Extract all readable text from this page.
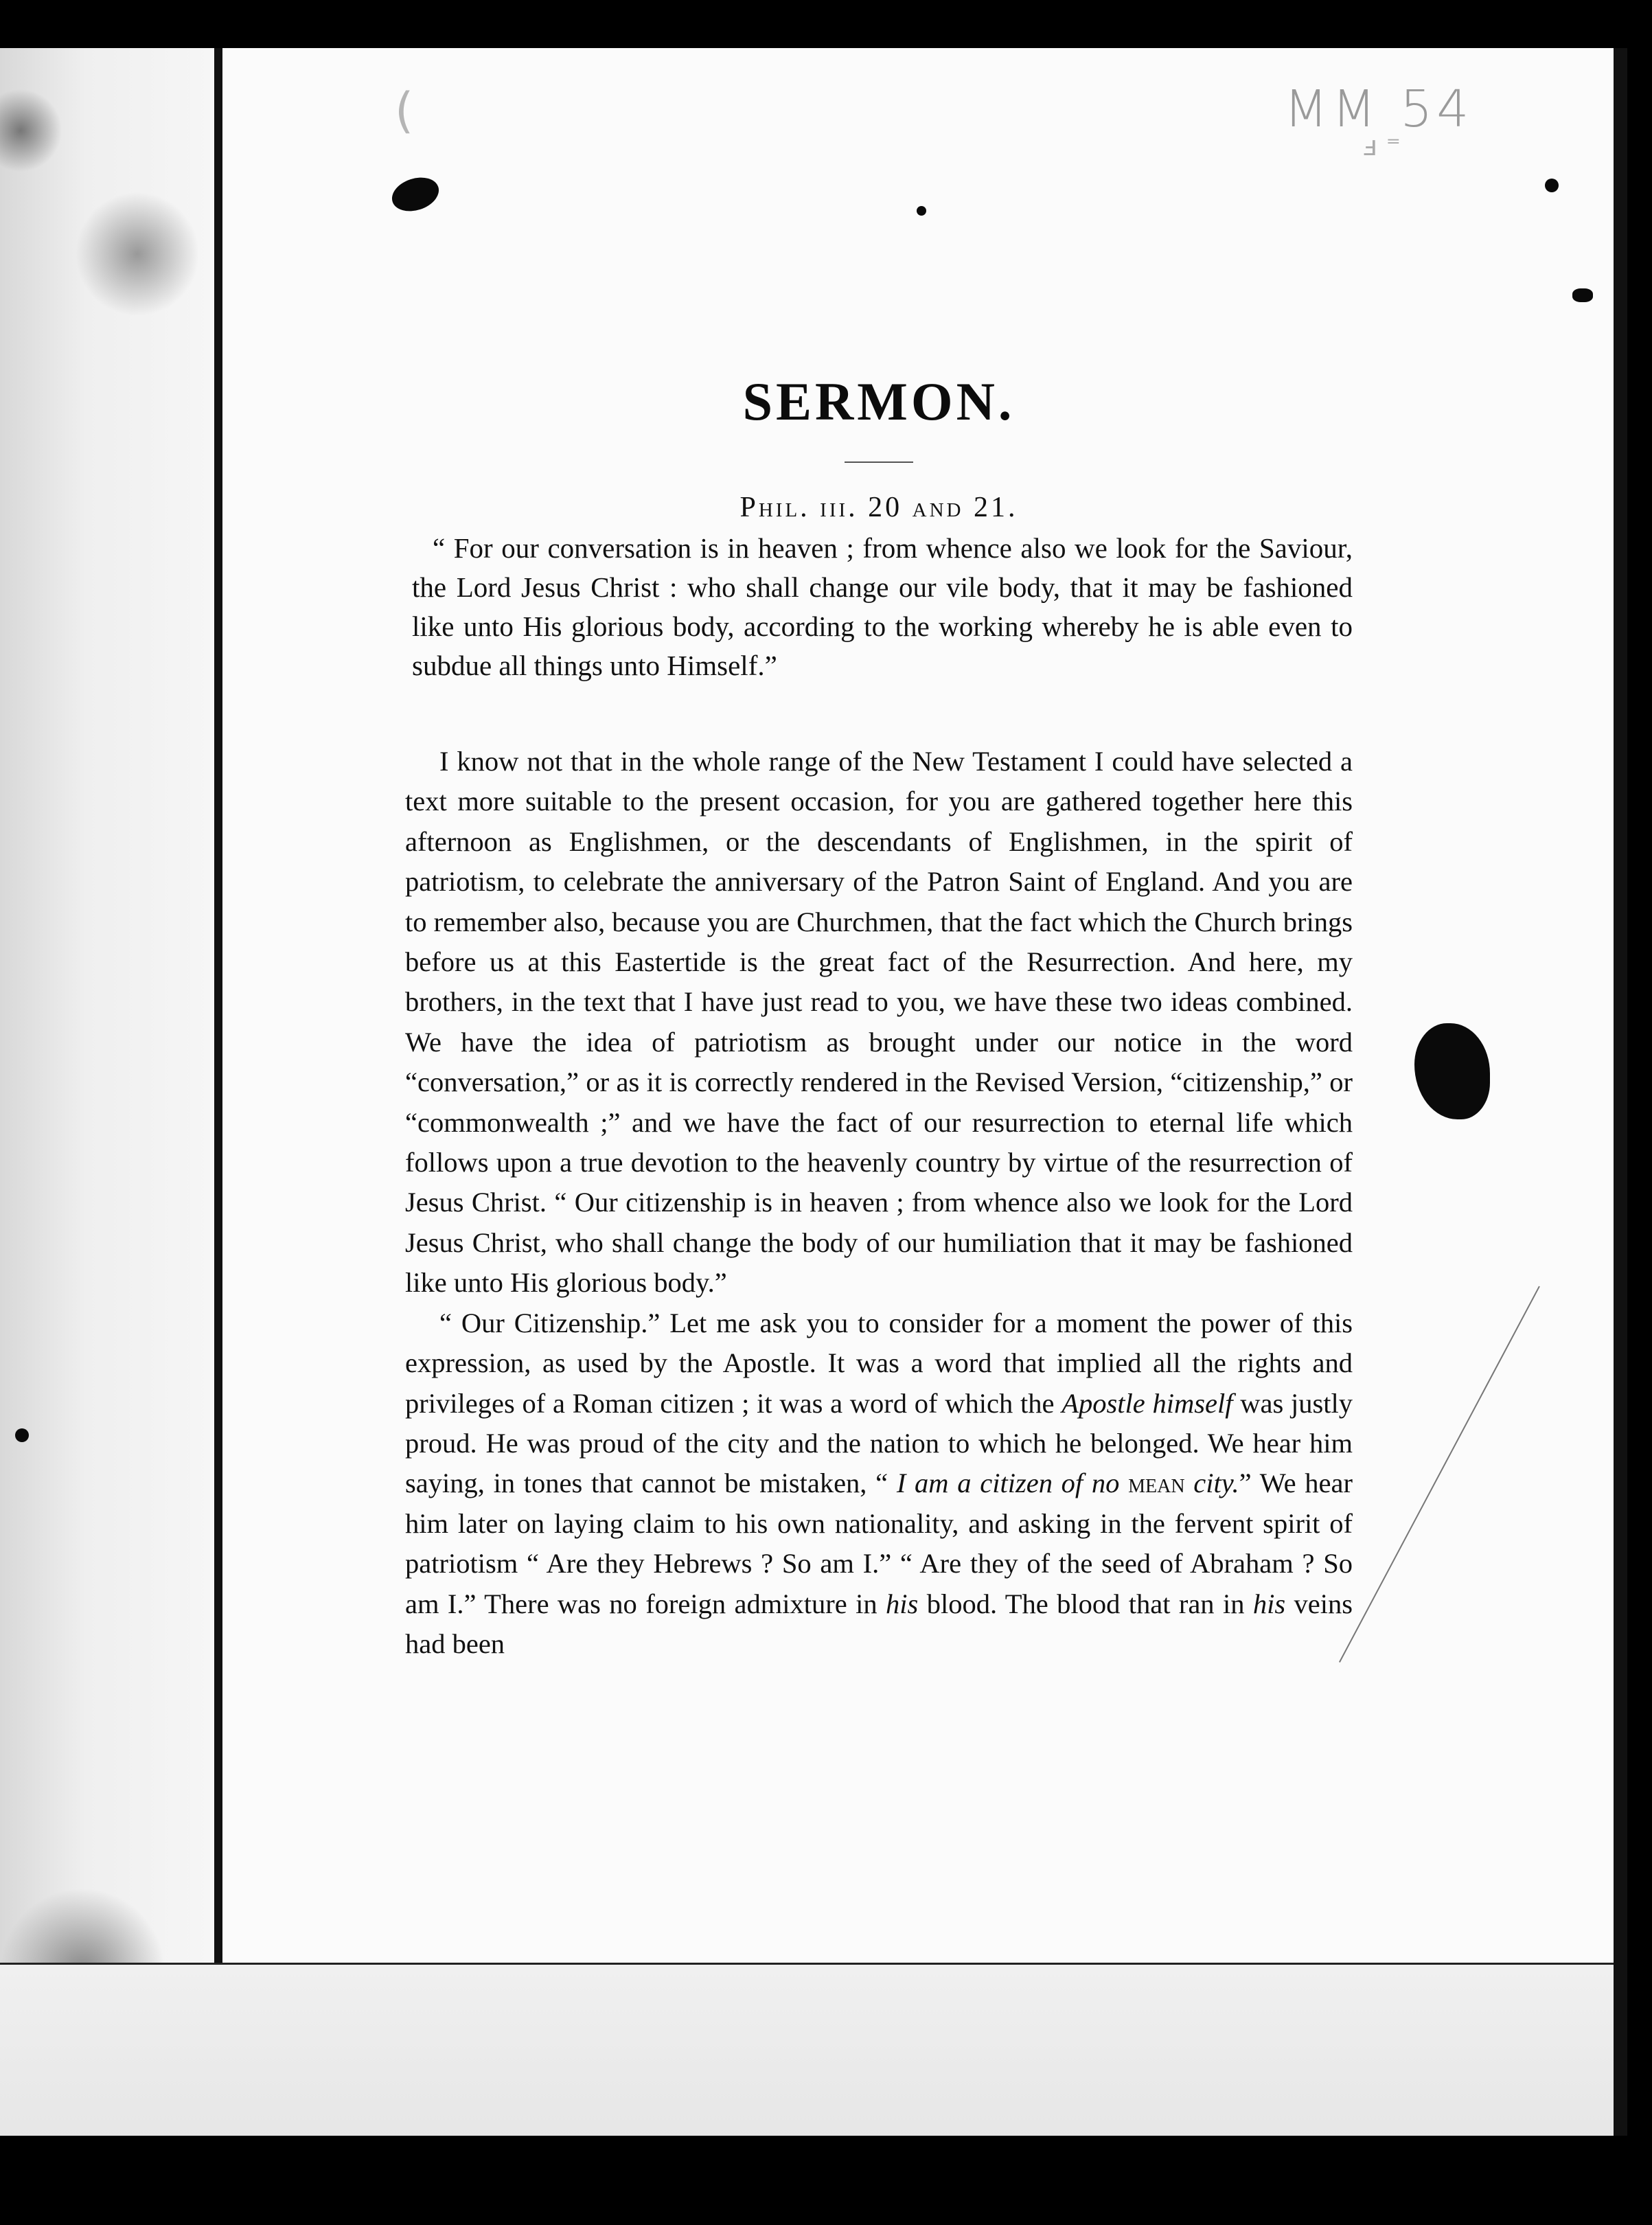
(	MM 54
ⅎ ⁼
SERMON.
Phil. iii. 20 and 21.

“ For our conversation is in heaven ; from whence also we look for the Saviour, the Lord Jesus Christ : who shall change our vile body, that it may be fashioned like unto His glorious body, according to the working whereby he is able even to subdue all things unto Himself.”

I know not that in the whole range of the New Testament I could have selected a text more suitable to the present occasion, for you are gathered together here this afternoon as Englishmen, or the descendants of Englishmen, in the spirit of patriotism, to celebrate the anniversary of the Patron Saint of England. And you are to remember also, because you are Churchmen, that the fact which the Church brings before us at this Eastertide is the great fact of the Resurrection. And here, my brothers, in the text that I have just read to you, we have these two ideas combined. We have the idea of patriotism as brought under our notice in the word “conversation,” or as it is correctly rendered in the Revised Version, “citizenship,” or “commonwealth ;” and we have the fact of our resurrection to eternal life which follows upon a true devotion to the heavenly country by virtue of the resurrection of Jesus Christ. “ Our citizenship is in heaven ; from whence also we look for the Lord Jesus Christ, who shall change the body of our humiliation that it may be fashioned like unto His glorious body.”

“ Our Citizenship.” Let me ask you to consider for a moment the power of this expression, as used by the Apostle. It was a word that implied all the rights and privileges of a Roman citizen ; it was a word of which the Apostle himself was justly proud. He was proud of the city and the nation to which he belonged. We hear him saying, in tones that cannot be mistaken, “ I am a citizen of no mean city.” We hear him later on laying claim to his own nationality, and asking in the fervent spirit of patriotism “ Are they Hebrews ? So am I.” “ Are they of the seed of Abraham ? So am I.” There was no foreign admixture in his blood. The blood that ran in his veins had been
